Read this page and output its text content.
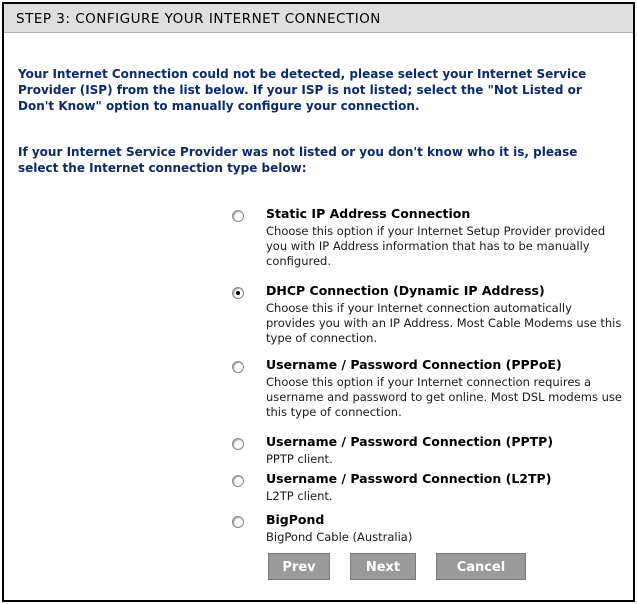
STEP 3: CONFIGURE YOUR INTERNET CONNECTION
Your Internet Connection could not be detected, please select your Internet Service Provider (ISP) from the list below. If your ISP is not listed; select the "Not Listed or Don't Know" option to manually configure your connection.
If your Internet Service Provider was not listed or you don't know who it is, please select the Internet connection type below:
Static IP Address Connection
Choose this option if your Internet Setup Provider provided you with IP Address information that has to be manually configured.
DHCP Connection (Dynamic IP Address)
Choose this if your Internet connection automatically provides you with an IP Address. Most Cable Modems use this type of connection.
Username / Password Connection (PPPoE)
Choose this option if your Internet connection requires a username and password to get online. Most DSL modems use this type of connection.
Username / Password Connection (PPTP)
PPTP client.
Username / Password Connection (L2TP)
L2TP client.
BigPond
BigPond Cable (Australia)
Prev	Next	Cancel
